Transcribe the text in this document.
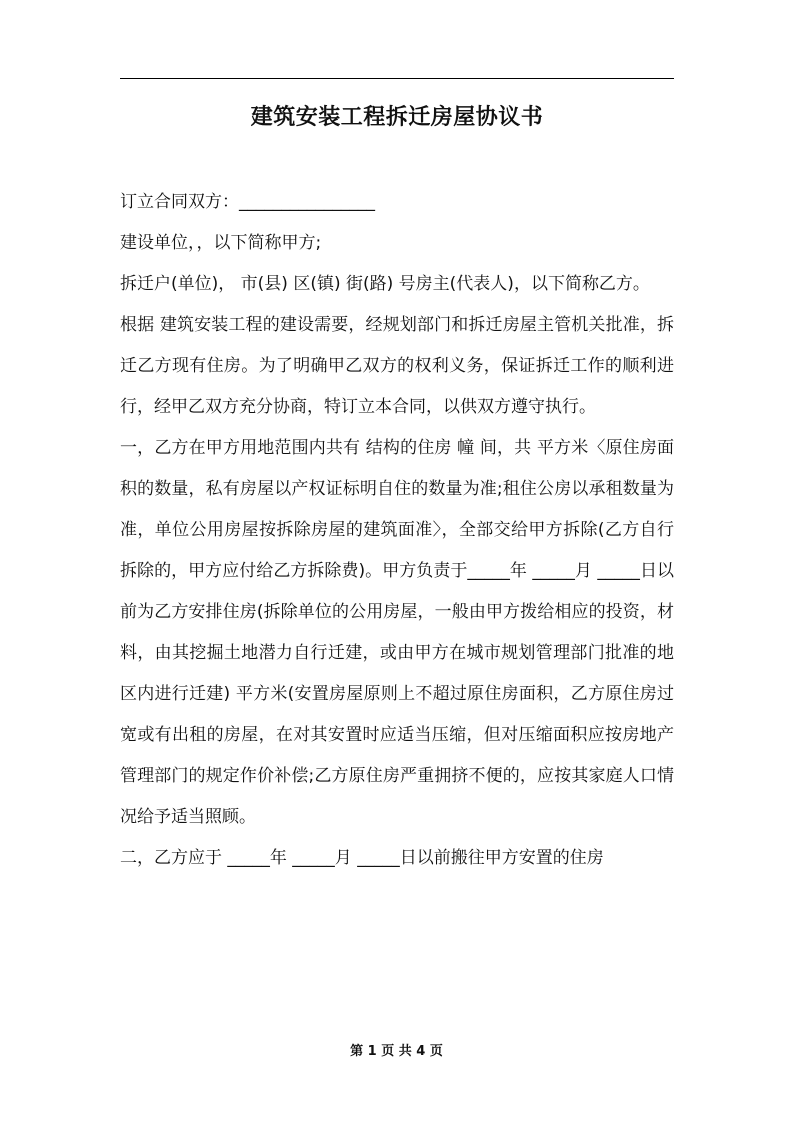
建筑安装工程拆迁房屋协议书

订立合同双方：________________

建设单位，，以下简称甲方;

拆迁户(单位)， 市(县) 区(镇) 街(路) 号房主(代表人)，以下简称乙方。

根据 建筑安装工程的建设需要，经规划部门和拆迁房屋主管机关批准，拆迁乙方现有住房。为了明确甲乙双方的权利义务，保证拆迁工作的顺利进行，经甲乙双方充分协商，特订立本合同，以供双方遵守执行。

一，乙方在甲方用地范围内共有 结构的住房 幢 间，共 平方米〈原住房面积的数量，私有房屋以产权证标明自住的数量为准;租住公房以承租数量为准，单位公用房屋按拆除房屋的建筑面准〉，全部交给甲方拆除(乙方自行拆除的，甲方应付给乙方拆除费)。甲方负责于_____年 _____月 _____日以前为乙方安排住房(拆除单位的公用房屋，一般由甲方拨给相应的投资，材料，由其挖掘土地潜力自行迁建，或由甲方在城市规划管理部门批准的地区内进行迁建) 平方米(安置房屋原则上不超过原住房面积，乙方原住房过宽或有出租的房屋，在对其安置时应适当压缩，但对压缩面积应按房地产管理部门的规定作价补偿;乙方原住房严重拥挤不便的，应按其家庭人口情况给予适当照顾。

二，乙方应于 _____年 _____月 _____日以前搬往甲方安置的住房

第 1 页 共 4 页
